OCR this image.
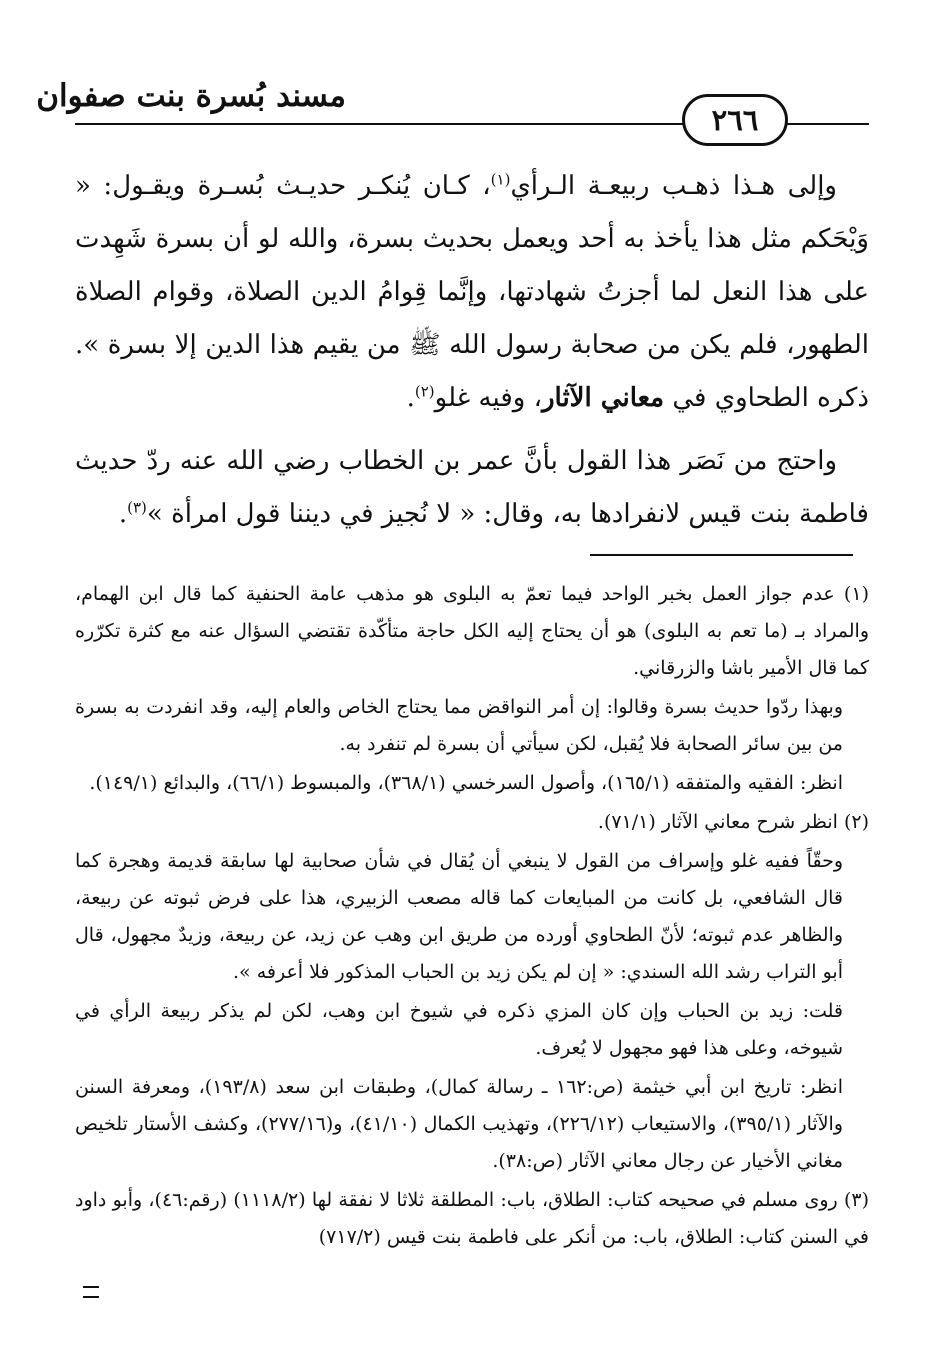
مسند بُسرة بنت صفوان
٢٦٦

وإلى هـذا ذهـب ربيعـة الـرأي$^{(١)}$، كـان يُنكـر حديـث بُسـرة ويقـول: « وَيْحَكم مثل هذا يأخذ به أحد ويعمل بحديث بسرة، والله لو أن بسرة شَهِدت على هذا النعل لما أجزتُ شهادتها، وإنَّما قِوامُ الدين الصلاة، وقوام الصلاة الطهور، فلم يكن من صحابة رسول الله ﷺ من يقيم هذا الدين إلا بسرة ». ذكره الطحاوي في معاني الآثار، وفيه غلو$^{(٢)}$.

واحتج من نَصَر هذا القول بأنَّ عمر بن الخطاب رضي الله عنه ردّ حديث فاطمة بنت قيس لانفرادها به، وقال: « لا نُجيز في ديننا قول امرأة »$^{(٣)}$.

(١) عدم جواز العمل بخبر الواحد فيما تعمّ به البلوى هو مذهب عامة الحنفية كما قال ابن الهمام، والمراد بـ (ما تعم به البلوى) هو أن يحتاج إليه الكل حاجة متأكّدة تقتضي السؤال عنه مع كثرة تكرّره كما قال الأمير باشا والزرقاني.

وبهذا ردّوا حديث بسرة وقالوا: إن أمر النواقض مما يحتاج الخاص والعام إليه، وقد انفردت به بسرة من بين سائر الصحابة فلا يُقبل، لكن سيأتي أن بسرة لم تنفرد به.

انظر: الفقيه والمتفقه (١٦٥/١)، وأصول السرخسي (٣٦٨/١)، والمبسوط (٦٦/١)، والبدائع (١٤٩/١).

(٢) انظر شرح معاني الآثار (٧١/١).

وحقّاً ففيه غلو وإسراف من القول لا ينبغي أن يُقال في شأن صحابية لها سابقة قديمة وهجرة كما قال الشافعي، بل كانت من المبايعات كما قاله مصعب الزبيري، هذا على فرض ثبوته عن ربيعة، والظاهر عدم ثبوته؛ لأنّ الطحاوي أورده من طريق ابن وهب عن زيد، عن ربيعة، وزيدٌ مجهول، قال أبو التراب رشد الله السندي: « إن لم يكن زيد بن الحباب المذكور فلا أعرفه ».

قلت: زيد بن الحباب وإن كان المزي ذكره في شيوخ ابن وهب، لكن لم يذكر ربيعة الرأي في شيوخه، وعلى هذا فهو مجهول لا يُعرف.

انظر: تاريخ ابن أبي خيثمة (ص:١٦٢ ـ رسالة كمال)، وطبقات ابن سعد (١٩٣/٨)، ومعرفة السنن والآثار (٣٩٥/١)، والاستيعاب (٢٢٦/١٢)، وتهذيب الكمال (٤١/١٠)، و(٢٧٧/١٦)، وكشف الأستار تلخيص مغاني الأخيار عن رجال معاني الآثار (ص:٣٨).

(٣) روى مسلم في صحيحه كتاب: الطلاق، باب: المطلقة ثلاثا لا نفقة لها (١١١٨/٢) (رقم:٤٦)، وأبو داود في السنن كتاب: الطلاق، باب: من أنكر على فاطمة بنت قيس (٧١٧/٢)
